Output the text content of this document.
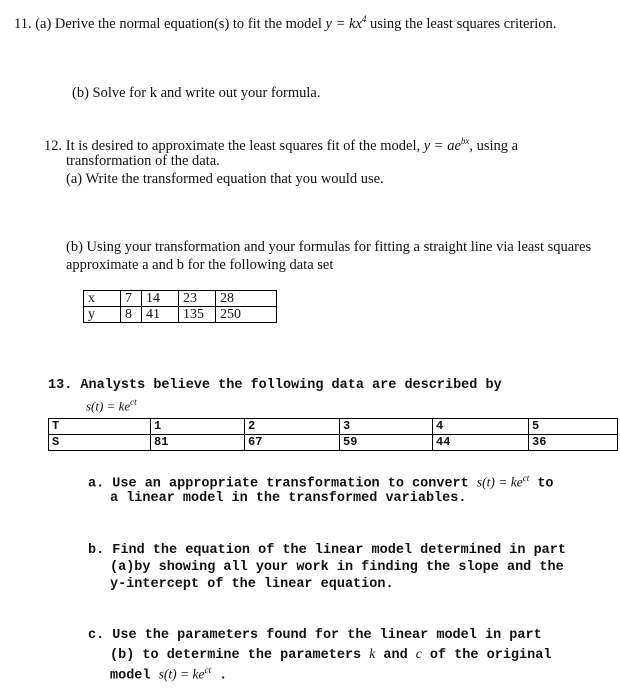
11. (a) Derive the normal equation(s) to fit the model $y = kx^4$ using the least squares criterion.
(b) Solve for k and write out your formula.
12. It is desired to approximate the least squares fit of the model, $y = ae^{bx}$, using a
transformation of the data.
(a) Write the transformed equation that you would use.
(b) Using your transformation and your formulas for fitting a straight line via least squares
approximate a and b for the following data set
x	7	14	23	28
y	8	41	135	250
13. Analysts believe the following data are described by
$s(t) = ke^{ct}$
T	1	2	3	4	5
S	81	67	59	44	36
a. Use an appropriate transformation to convert $s(t) = ke^{ct}$ to
a linear model in the transformed variables.
b. Find the equation of the linear model determined in part
(a)by showing all your work in finding the slope and the
y-intercept of the linear equation.
c. Use the parameters found for the linear model in part
(b) to determine the parameters k and c of the original
model $s(t) = ke^{ct}$ .
